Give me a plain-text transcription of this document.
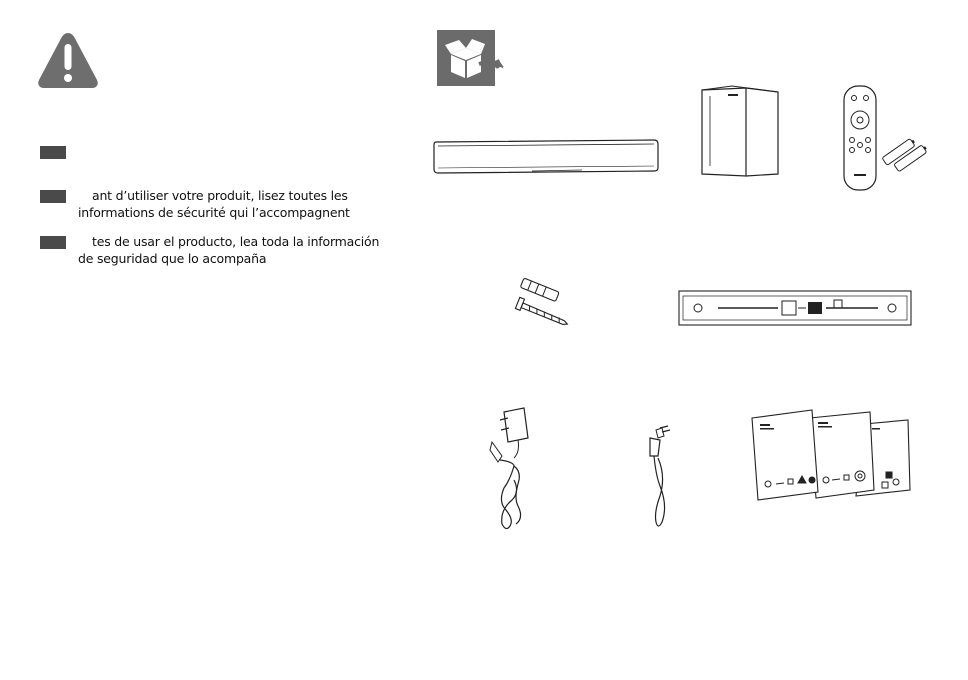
ant d’utiliser votre produit, lisez toutes les
informations de sécurité qui l’accompagnent
tes de usar el producto, lea toda la información
de seguridad que lo acompaña
